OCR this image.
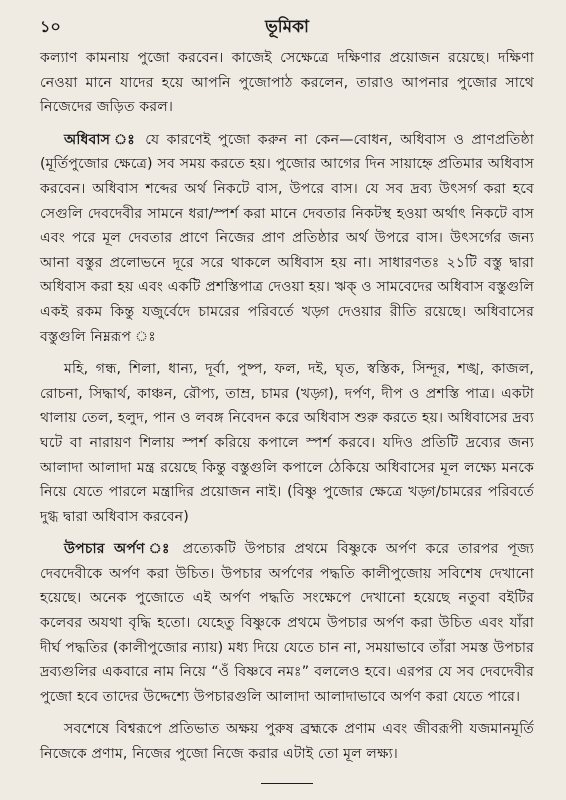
১০	ভূমিকা

কল্যাণ কামনায় পুজো করবেন। কাজেই সেক্ষেত্রে দক্ষিণার প্রয়োজন রয়েছে। দক্ষিণা নেওয়া মানে যাদের হয়ে আপনি পুজোপাঠ করলেন, তারাও আপনার পুজোর সাথে নিজেদের জড়িত করল।

অধিবাস ঃ যে কারণেই পুজো করুন না কেন—বোধন, অধিবাস ও প্রাণপ্রতিষ্ঠা (মূর্তিপুজোর ক্ষেত্রে) সব সময় করতে হয়। পুজোর আগের দিন সায়াহ্নে প্রতিমার অধিবাস করবেন। অধিবাস শব্দের অর্থ নিকটে বাস, উপরে বাস। যে সব দ্রব্য উৎসর্গ করা হবে সেগুলি দেবদেবীর সামনে ধরা/স্পর্শ করা মানে দেবতার নিকটস্থ হওয়া অর্থাৎ নিকটে বাস এবং পরে মূল দেবতার প্রাণে নিজের প্রাণ প্রতিষ্ঠার অর্থ উপরে বাস। উৎসর্গের জন্য আনা বস্তুর প্রলোভনে দূরে সরে থাকলে অধিবাস হয় না। সাধারণতঃ ২১টি বস্তু দ্বারা অধিবাস করা হয় এবং একটি প্রশস্তিপাত্র দেওয়া হয়। ঋক্ ও সামবেদের অধিবাস বস্তুগুলি একই রকম কিন্তু যজুর্বেদে চামরের পরিবর্তে খড়্গ দেওয়ার রীতি রয়েছে। অধিবাসের বস্তুগুলি নিম্নরূপ ঃ

মহি, গন্ধ, শিলা, ধান্য, দূর্বা, পুষ্প, ফল, দই, ঘৃত, স্বস্তিক, সিন্দূর, শঙ্খ, কাজল, রোচনা, সিদ্ধার্থ, কাঞ্চন, রৌপ্য, তাম্র, চামর (খড়্গ), দর্পণ, দীপ ও প্রশস্তি পাত্র। একটা থালায় তেল, হলুদ, পান ও লবঙ্গ নিবেদন করে অধিবাস শুরু করতে হয়। অধিবাসের দ্রব্য ঘটে বা নারায়ণ শিলায় স্পর্শ করিয়ে কপালে স্পর্শ করবে। যদিও প্রতিটি দ্রব্যের জন্য আলাদা আলাদা মন্ত্র রয়েছে কিন্তু বস্তুগুলি কপালে ঠেকিয়ে অধিবাসের মূল লক্ষ্যে মনকে নিয়ে যেতে পারলে মন্ত্রাদির প্রয়োজন নাই। (বিষ্ণু পুজোর ক্ষেত্রে খড়্গ/চামরের পরিবর্তে দুগ্ধ দ্বারা অধিবাস করবেন)

উপচার অর্পণ ঃ প্রত্যেকটি উপচার প্রথমে বিষ্ণুকে অর্পণ করে তারপর পূজ্য দেবদেবীকে অর্পণ করা উচিত। উপচার অর্পণের পদ্ধতি কালীপুজোয় সবিশেষ দেখানো হয়েছে। অনেক পুজোতে এই অর্পণ পদ্ধতি সংক্ষেপে দেখানো হয়েছে নতুবা বইটির কলেবর অযথা বৃদ্ধি হতো। যেহেতু বিষ্ণুকে প্রথমে উপচার অর্পণ করা উচিত এবং যাঁরা দীর্ঘ পদ্ধতির (কালীপুজোর ন্যায়) মধ্য দিয়ে যেতে চান না, সময়াভাবে তাঁরা সমস্ত উপচার দ্রব্যগুলির একবারে নাম নিয়ে “ওঁ বিষ্ণবে নমঃ” বললেও হবে। এরপর যে সব দেবদেবীর পুজো হবে তাদের উদ্দেশ্যে উপচারগুলি আলাদা আলাদাভাবে অর্পণ করা যেতে পারে।

সবশেষে বিশ্বরূপে প্রতিভাত অক্ষয় পুরুষ ব্রহ্মকে প্রণাম এবং জীবরূপী যজমানমূর্তি নিজেকে প্রণাম, নিজের পুজো নিজে করার এটাই তো মূল লক্ষ্য।
